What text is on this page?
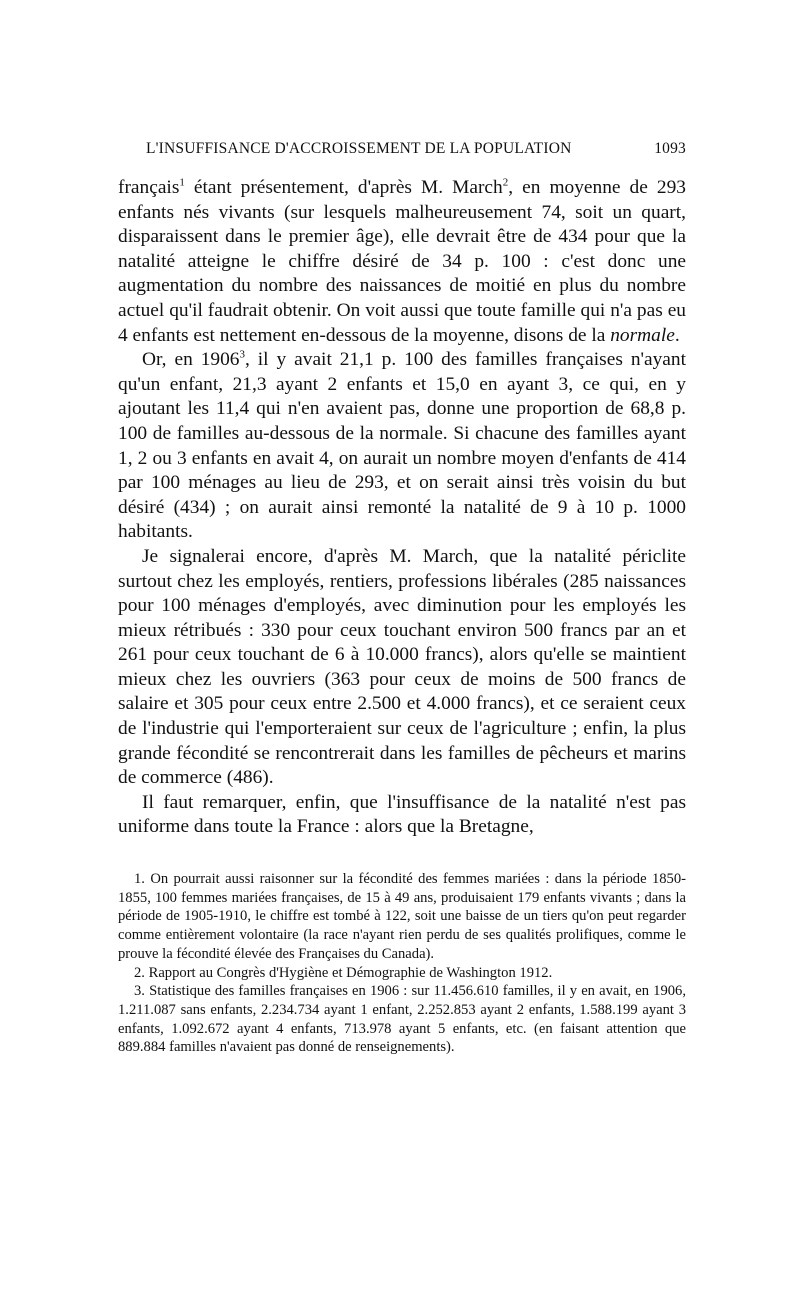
L'INSUFFISANCE D'ACCROISSEMENT DE LA POPULATION	1093

français$^1$ étant présentement, d'après M. March$^2$, en moyenne de 293 enfants nés vivants (sur lesquels malheureusement 74, soit un quart, disparaissent dans le premier âge), elle devrait être de 434 pour que la natalité atteigne le chiffre désiré de 34 p. 100 : c'est donc une augmentation du nombre des naissances de moitié en plus du nombre actuel qu'il faudrait obtenir. On voit aussi que toute famille qui n'a pas eu 4 enfants est nettement en-dessous de la moyenne, disons de la normale.

Or, en 1906$^3$, il y avait 21,1 p. 100 des familles françaises n'ayant qu'un enfant, 21,3 ayant 2 enfants et 15,0 en ayant 3, ce qui, en y ajoutant les 11,4 qui n'en avaient pas, donne une proportion de 68,8 p. 100 de familles au-dessous de la normale. Si chacune des familles ayant 1, 2 ou 3 enfants en avait 4, on aurait un nombre moyen d'enfants de 414 par 100 ménages au lieu de 293, et on serait ainsi très voisin du but désiré (434) ; on aurait ainsi remonté la natalité de 9 à 10 p. 1000 habitants.

Je signalerai encore, d'après M. March, que la natalité périclite surtout chez les employés, rentiers, professions libérales (285 naissances pour 100 ménages d'employés, avec diminution pour les employés les mieux rétribués : 330 pour ceux touchant environ 500 francs par an et 261 pour ceux touchant de 6 à 10.000 francs), alors qu'elle se maintient mieux chez les ouvriers (363 pour ceux de moins de 500 francs de salaire et 305 pour ceux entre 2.500 et 4.000 francs), et ce seraient ceux de l'industrie qui l'emporteraient sur ceux de l'agriculture ; enfin, la plus grande fécondité se rencontrerait dans les familles de pêcheurs et marins de commerce (486).

Il faut remarquer, enfin, que l'insuffisance de la natalité n'est pas uniforme dans toute la France : alors que la Bretagne,

1. On pourrait aussi raisonner sur la fécondité des femmes mariées : dans la période 1850-1855, 100 femmes mariées françaises, de 15 à 49 ans, produisaient 179 enfants vivants ; dans la période de 1905-1910, le chiffre est tombé à 122, soit une baisse de un tiers qu'on peut regarder comme entièrement volontaire (la race n'ayant rien perdu de ses qualités prolifiques, comme le prouve la fécondité élevée des Françaises du Canada).

2. Rapport au Congrès d'Hygiène et Démographie de Washington 1912.

3. Statistique des familles françaises en 1906 : sur 11.456.610 familles, il y en avait, en 1906, 1.211.087 sans enfants, 2.234.734 ayant 1 enfant, 2.252.853 ayant 2 enfants, 1.588.199 ayant 3 enfants, 1.092.672 ayant 4 enfants, 713.978 ayant 5 enfants, etc. (en faisant attention que 889.884 familles n'avaient pas donné de renseignements).
